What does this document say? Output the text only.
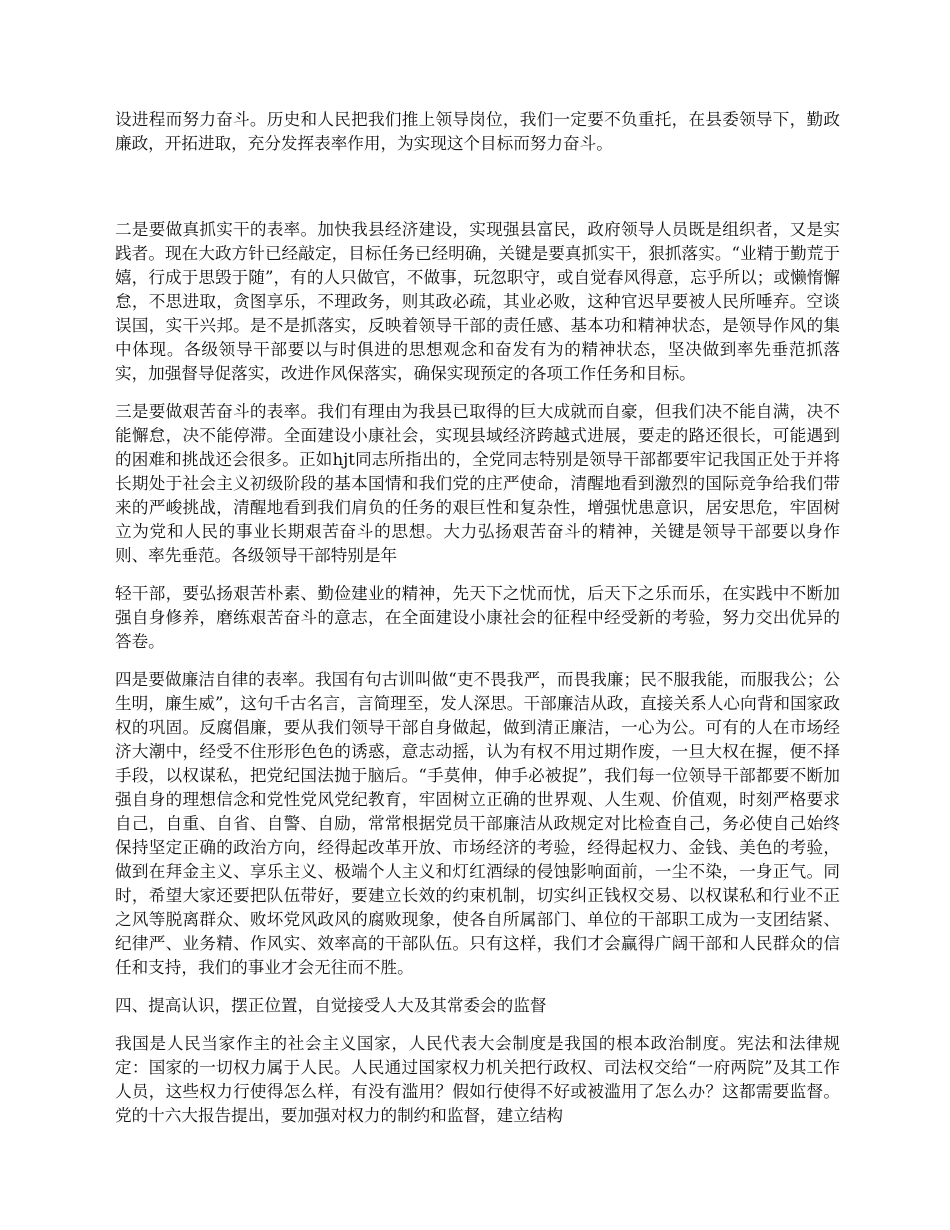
设进程而努力奋斗。历史和人民把我们推上领导岗位，我们一定要不负重托，在县委领导下，勤政廉政，开拓进取，充分发挥表率作用，为实现这个目标而努力奋斗。

二是要做真抓实干的表率。加快我县经济建设，实现强县富民，政府领导人员既是组织者，又是实践者。现在大政方针已经敲定，目标任务已经明确，关键是要真抓实干，狠抓落实。“业精于勤荒于嬉，行成于思毁于随”，有的人只做官，不做事，玩忽职守，或自觉春风得意，忘乎所以；或懒惰懈怠，不思进取，贪图享乐，不理政务，则其政必疏，其业必败，这种官迟早要被人民所唾弃。空谈误国，实干兴邦。是不是抓落实，反映着领导干部的责任感、基本功和精神状态，是领导作风的集中体现。各级领导干部要以与时俱进的思想观念和奋发有为的精神状态，坚决做到率先垂范抓落实，加强督导促落实，改进作风保落实，确保实现预定的各项工作任务和目标。

三是要做艰苦奋斗的表率。我们有理由为我县已取得的巨大成就而自豪，但我们决不能自满，决不能懈怠，决不能停滞。全面建设小康社会，实现县域经济跨越式进展，要走的路还很长，可能遇到的困难和挑战还会很多。正如hjt同志所指出的，全党同志特别是领导干部都要牢记我国正处于并将长期处于社会主义初级阶段的基本国情和我们党的庄严使命，清醒地看到激烈的国际竞争给我们带来的严峻挑战，清醒地看到我们肩负的任务的艰巨性和复杂性，增强忧患意识，居安思危，牢固树立为党和人民的事业长期艰苦奋斗的思想。大力弘扬艰苦奋斗的精神，关键是领导干部要以身作则、率先垂范。各级领导干部特别是年

轻干部，要弘扬艰苦朴素、勤俭建业的精神，先天下之忧而忧，后天下之乐而乐，在实践中不断加强自身修养，磨练艰苦奋斗的意志，在全面建设小康社会的征程中经受新的考验，努力交出优异的答卷。

四是要做廉洁自律的表率。我国有句古训叫做“吏不畏我严，而畏我廉；民不服我能，而服我公；公生明，廉生威”，这句千古名言，言简理至，发人深思。干部廉洁从政，直接关系人心向背和国家政权的巩固。反腐倡廉，要从我们领导干部自身做起，做到清正廉洁，一心为公。可有的人在市场经济大潮中，经受不住形形色色的诱惑，意志动摇，认为有权不用过期作废，一旦大权在握，便不择手段，以权谋私，把党纪国法抛于脑后。“手莫伸，伸手必被捉”，我们每一位领导干部都要不断加强自身的理想信念和党性党风党纪教育，牢固树立正确的世界观、人生观、价值观，时刻严格要求自己，自重、自省、自警、自励，常常根据党员干部廉洁从政规定对比检查自己，务必使自己始终保持坚定正确的政治方向，经得起改革开放、市场经济的考验，经得起权力、金钱、美色的考验，做到在拜金主义、享乐主义、极端个人主义和灯红酒绿的侵蚀影响面前，一尘不染，一身正气。同时，希望大家还要把队伍带好，要建立长效的约束机制，切实纠正钱权交易、以权谋私和行业不正之风等脱离群众、败坏党风政风的腐败现象，使各自所属部门、单位的干部职工成为一支团结紧、纪律严、业务精、作风实、效率高的干部队伍。只有这样，我们才会赢得广阔干部和人民群众的信任和支持，我们的事业才会无往而不胜。

四、提高认识，摆正位置，自觉接受人大及其常委会的监督

我国是人民当家作主的社会主义国家，人民代表大会制度是我国的根本政治制度。宪法和法律规定：国家的一切权力属于人民。人民通过国家权力机关把行政权、司法权交给“一府两院”及其工作人员，这些权力行使得怎么样，有没有滥用？假如行使得不好或被滥用了怎么办？这都需要监督。党的十六大报告提出，要加强对权力的制约和监督，建立结构
